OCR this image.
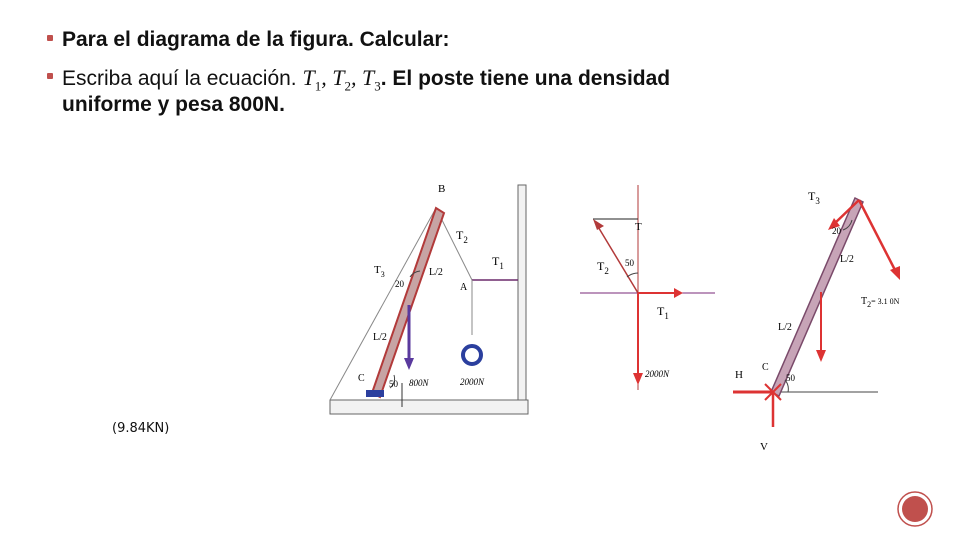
Para el diagrama de la figura. Calcular:
Escriba aquí la ecuación. $T_1$, $T_2$, $T_3$. El poste tiene una densidad
uniforme y pesa 800N.
(9.84KN)
B
$T_2$
$T_1$
A
$T_3$
20
L/2
L/2
C	50 800N	2000N
T
$T_2$
50
$T_1$
2000N
$T_3$
20
L/2
L/2
$T_2^{= 3.1 0N}$
H
C
50
V
